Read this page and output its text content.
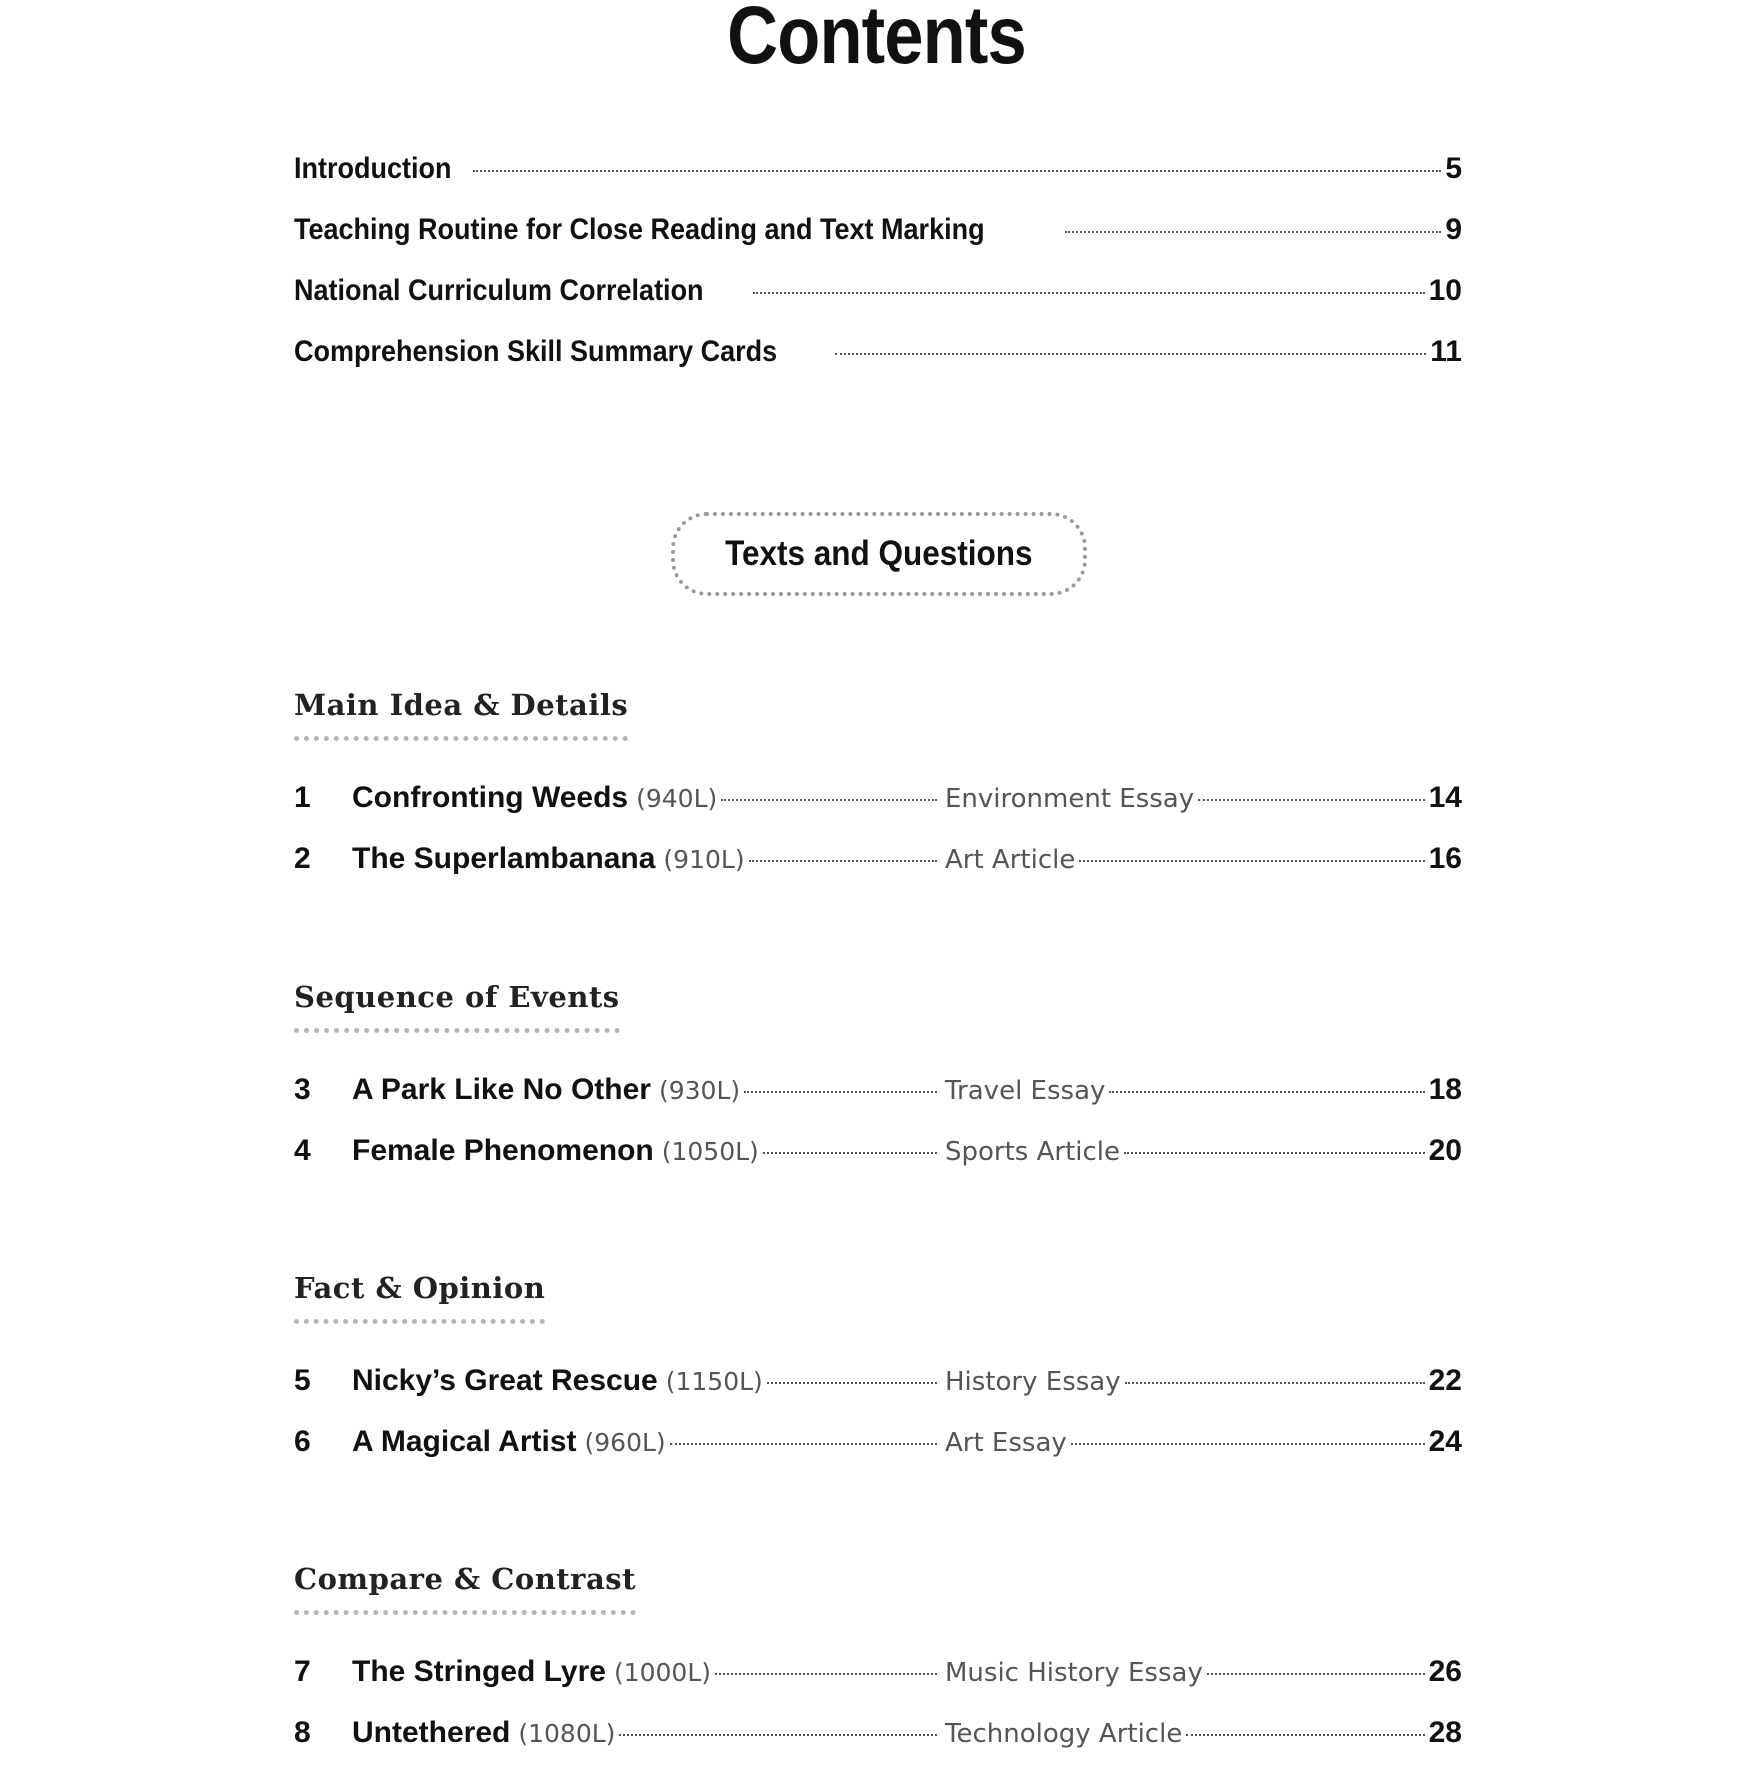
Contents
Introduction	5
Teaching Routine for Close Reading and Text Marking	9
National Curriculum Correlation	10
Comprehension Skill Summary Cards	11
Texts and Questions
Main Idea & Details
1	Confronting Weeds (940L)	Environment Essay	14
2	The Superlambanana (910L)	Art Article	16
Sequence of Events
3	A Park Like No Other (930L)	Travel Essay	18
4	Female Phenomenon (1050L)	Sports Article	20
Fact & Opinion
5	Nicky’s Great Rescue (1150L)	History Essay	22
6	A Magical Artist (960L)	Art Essay	24
Compare & Contrast
7	The Stringed Lyre (1000L)	Music History Essay	26
8	Untethered (1080L)	Technology Article	28
